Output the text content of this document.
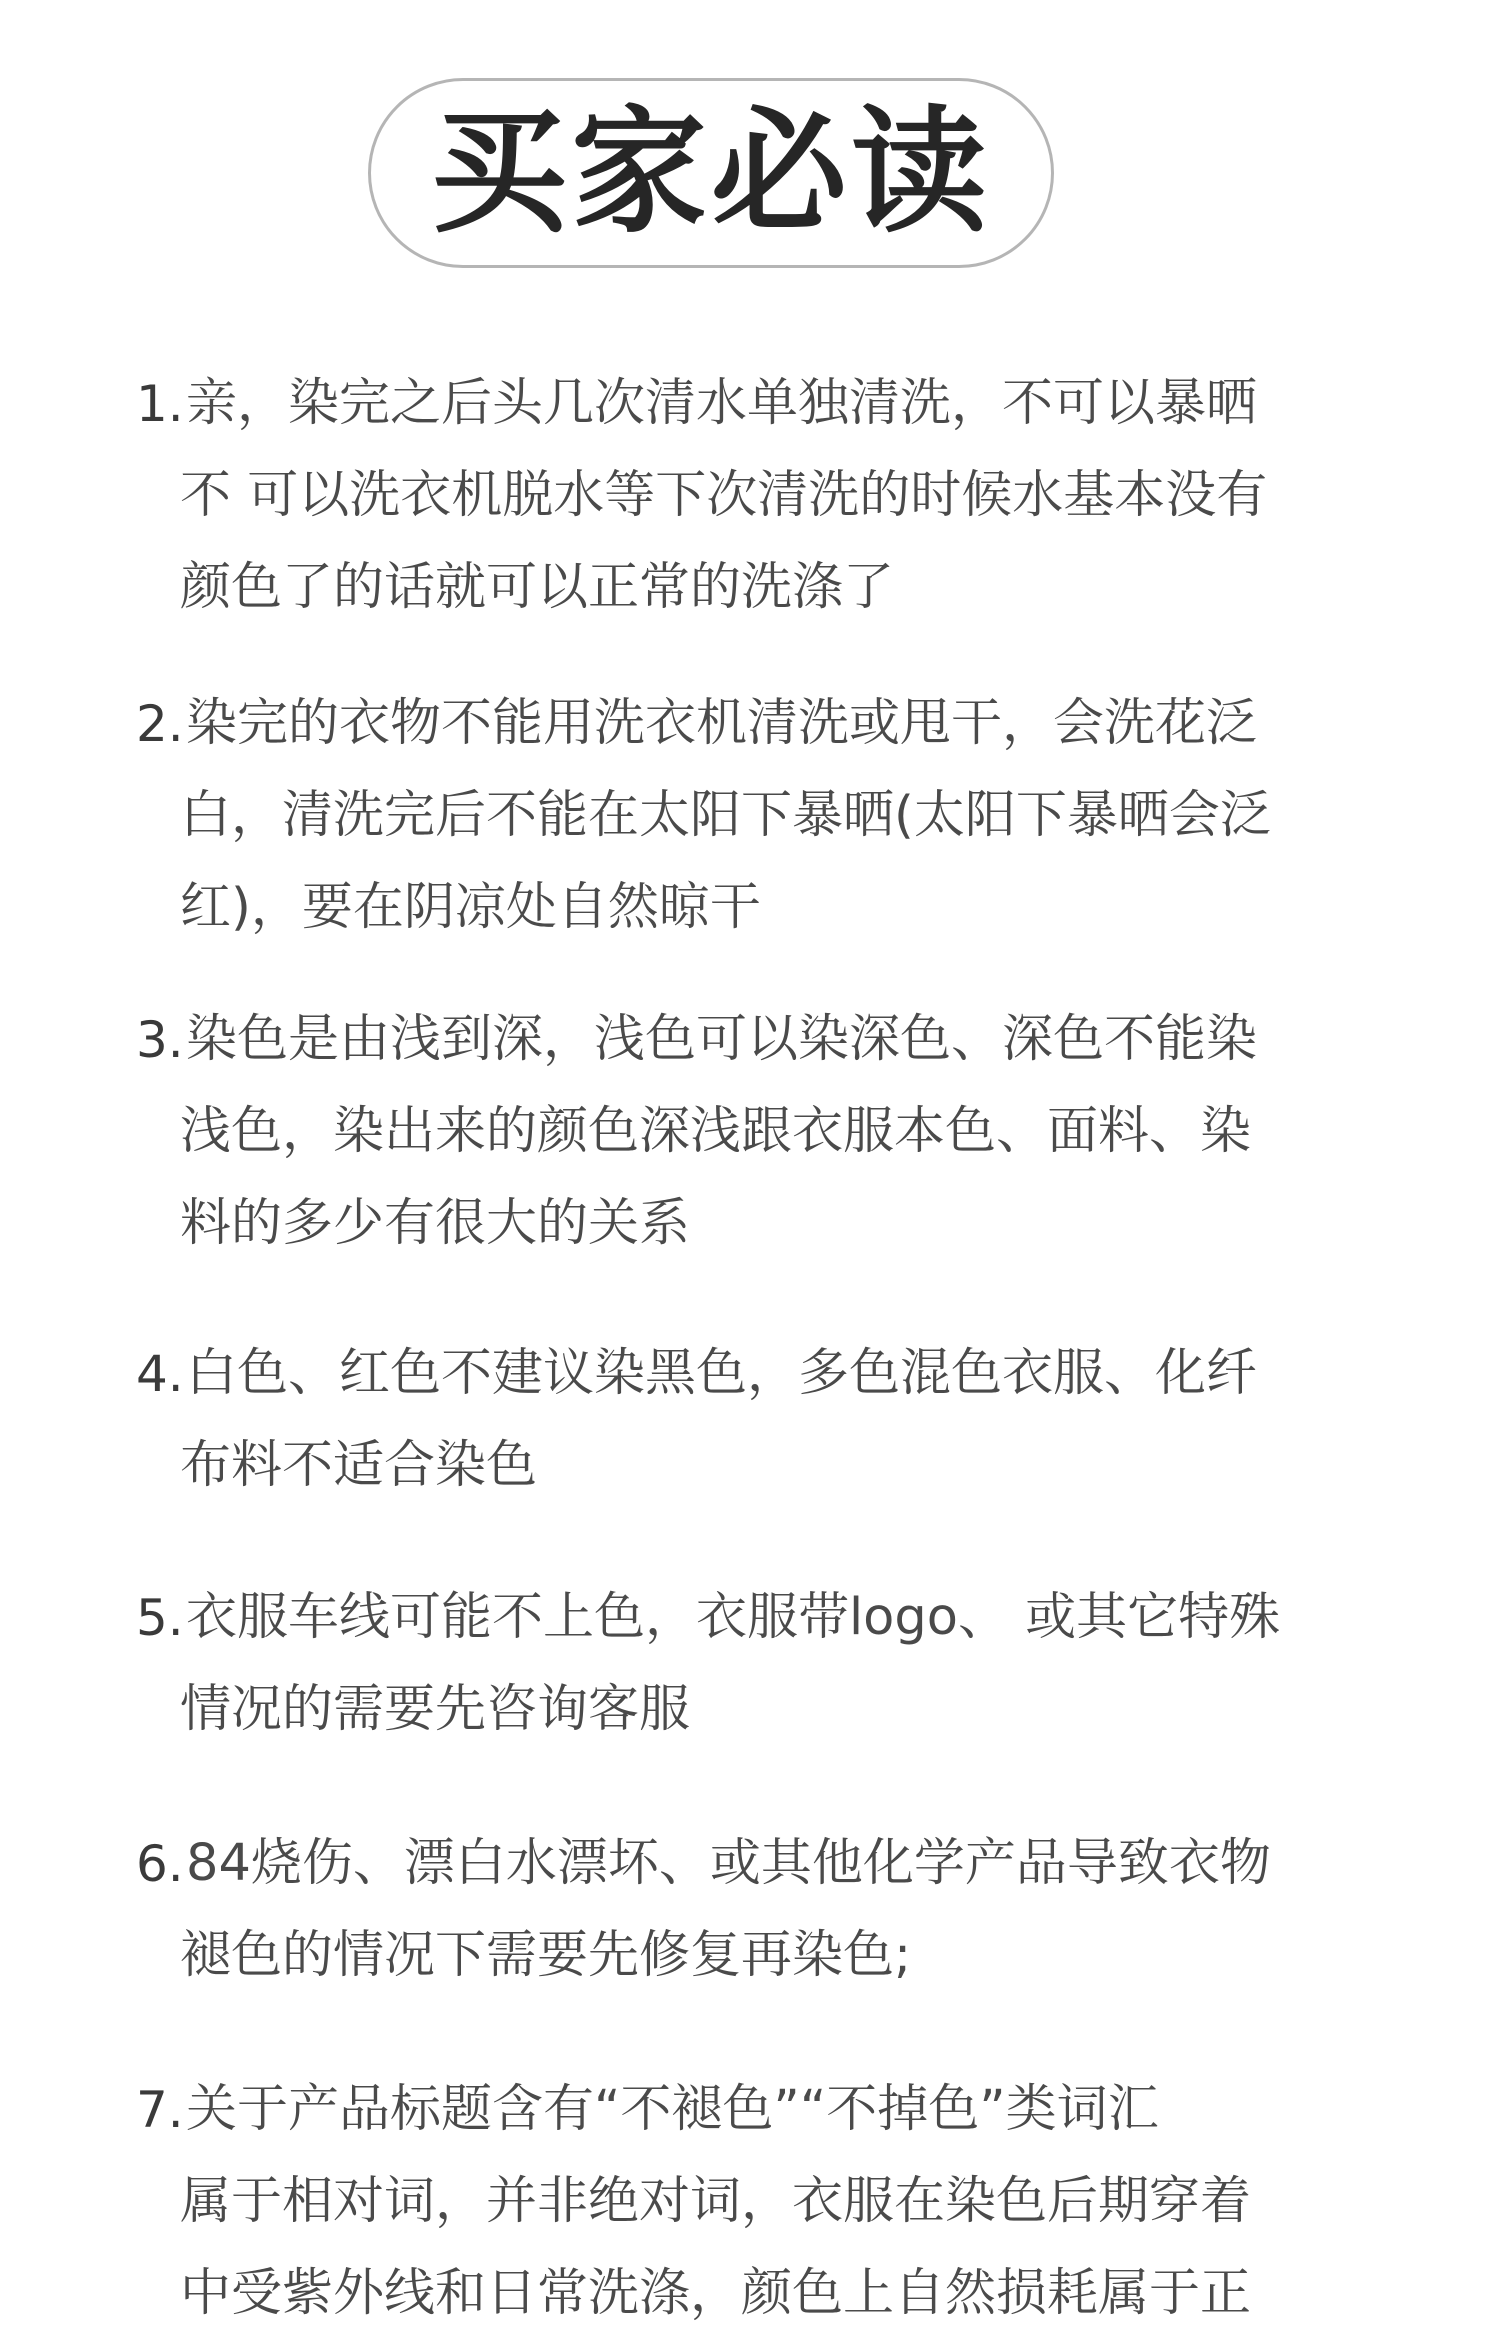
买家必读
1. 亲，染完之后头几次清水单独清洗，不可以暴晒
不 可以洗衣机脱水等下次清洗的时候水基本没有
颜色了的话就可以正常的洗涤了
2. 染完的衣物不能用洗衣机清洗或甩干，会洗花泛
白，清洗完后不能在太阳下暴晒(太阳下暴晒会泛
红)，要在阴凉处自然晾干
3. 染色是由浅到深，浅色可以染深色、深色不能染
浅色，染出来的颜色深浅跟衣服本色、面料、染
料的多少有很大的关系
4. 白色、红色不建议染黑色，多色混色衣服、化纤
布料不适合染色
5. 衣服车线可能不上色，衣服带logo、 或其它特殊
情况的需要先咨询客服
6. 84烧伤、漂白水漂坏、或其他化学产品导致衣物
褪色的情况下需要先修复再染色;
7. 关于产品标题含有“不褪色”“不掉色”类词汇
属于相对词，并非绝对词，衣服在染色后期穿着
中受紫外线和日常洗涤，颜色上自然损耗属于正
